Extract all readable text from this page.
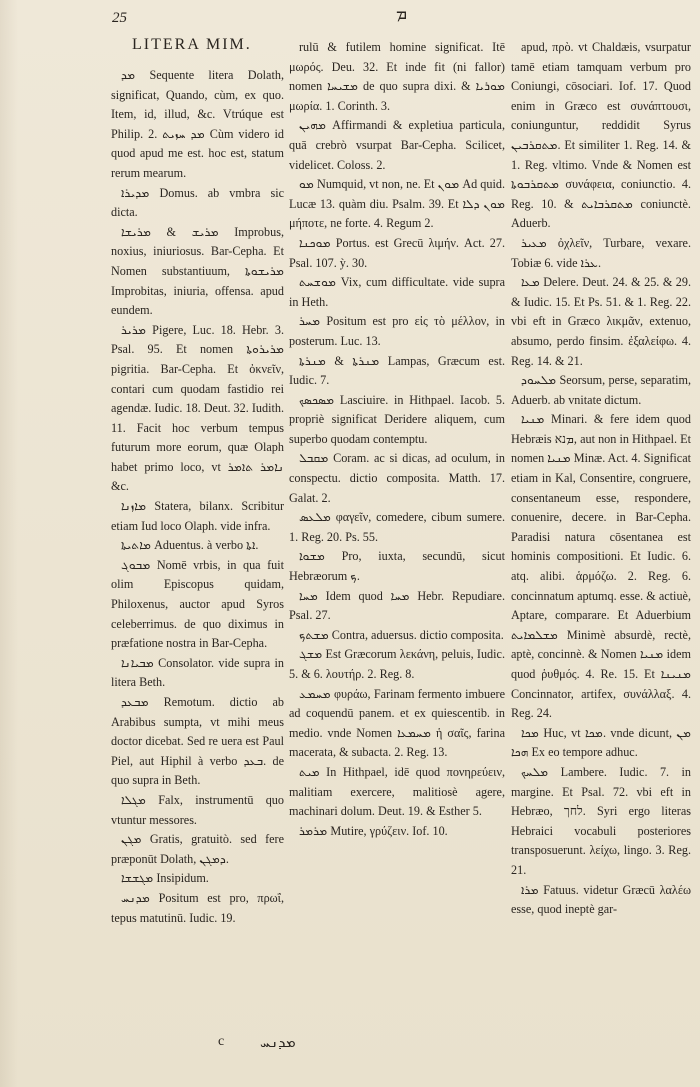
25
LITERA MIM.
ܡ

ܡܕ Sequente litera Dolath, significat, Quando, cùm, ex quo. Item, id, illud, &c. Vtrúque est Philip. 2. ܡܕ ܚܙܝܬ Cùm videro id quod apud me est. hoc est, statum rerum mearum.

ܡܕܝܪܐ Domus. ab vmbra sic dicta.

ܡܪܝܫ & ܡܪܝܫܐ Improbus, noxius, iniuriosus. Bar-Cepha. Et Nomen substantiuum, ܡܪܝܫܘܬܐ Improbitas, iniuria, offensa. apud eundem.

ܡܪܝܪ Pigere, Luc. 18. Hebr. 3. Psal. 95. Et nomen ܡܪܝܪܘܬܐ pigritia. Bar-Cepha. Et ὀκνεῖν, contari cum quodam fastidio rei agendæ. Iudic. 18. Deut. 32. Iudith. 11. Facit hoc verbum tempus futurum more eorum, quæ Olaph habet primo loco, vt ܢܐܡܪ ܬܐܡܪ &c.

ܡܐܙܢܐ Statera, bilanx. Scribitur etiam Iud loco Olaph. vide infra.

ܡܐܬܝܬܐ Aduentus. à verbo ܐܬܐ.

ܡܒܘܓ Nomē vrbis, in qua fuit olim Episcopus quidam, Philoxenus, auctor apud Syros celeberrimus. de quo diximus in præfatione nostra in Bar-Cepha.

ܡܒܝܐܢܐ Consolator. vide supra in litera Beth.

ܡܒܥܕ Remotum. dictio ab Arabibus sumpta, vt mihi meus doctor dicebat. Sed re uera est Paul Piel, aut Hiphil à verbo ܒܥܕ. de quo supra in Beth.

ܡܓܠܐ Falx, instrumentū quo vtuntur messores.

ܡܓܢ Gratis, gratuitò. sed fere præponūt Dolath, ܕܡܓܢ.

ܡܓܫܫܐ Insipidum.

ܡܕܢܚ Positum est pro, πρωΐ, tepus matutinū. Iudic. 19.

rulū & futilem homine significat. Itē μωρός. Deu. 32. Et inde fit (ni fallor) nomen ܡܫܝܚܐ de quo supra dixi. & ܡܘܪܝܐ μωρία. 1. Corinth. 3.

ܡܗܝܢ Affirmandi & expletiua particula, quā crebrò vsurpat Bar-Cepha. Scilicet, videlicet. Coloss. 2.

ܡܘ Numquid, vt non, ne. Et ܡܘܢ Ad quid. Lucæ 13. quàm diu. Psalm. 39. Et ܡܘܢ ܕܠܐ μήποτε, ne forte. 4. Regum 2.

ܡܘܟܢܐ Portus. est Grecū λιμήν. Act. 27. Psal. 107. ỳ. 30.

ܡܘܫܚܬ Vix, cum difficultate. vide supra in Heth.

ܡܚܪ Positum est pro εἰς τὸ μέλλον, in posterum. Luc. 13.

ܡܢܪܬܐ & ܡܢܪܬܐ Lampas, Græcum est. Iudic. 7.

ܡܣܟܣܟ Lasciuire. in Hithpael. Iacob. 5. propriè significat Deridere aliquem, cum superbo quodam contemptu.

ܡܩܒܠ Coram. ac si dicas, ad oculum, in conspectu. dictio composita. Matth. 17. Galat. 2.

ܡܠܥܣ φαγεῖν, comedere, cibum sumere. 1. Reg. 20. Ps. 55.

ܡܫܘܐ Pro, iuxta, secundū, sicut Hebræorum ܟ.

ܡܚܐ Idem quod ܡܚܐ Hebr. Repudiare. Psal. 27.

ܡܫܬܟ Contra, aduersus. dictio composita.

ܡܫܓ Est Græcorum λεκάνη, peluis, Iudic. 5. & 6. λουτήρ. 2. Reg. 8.

ܡܚܡܥ φυράω, Farinam fermento imbuere ad coquendū panem. et ex quiescentib. in medio. vnde Nomen ܡܚܡܥܐ ἡ σαῖς, farina macerata, & subacta. 2. Reg. 13.

ܡܝܬ In Hithpael, idē quod πονηρεύειν, malitiam exercere, malitiosè agere, machinari dolum. Deut. 19. & Esther 5.

ܡܪܡܪ Mutire, γρύζειν. Iof. 10.

apud, πρὸ. vt Chaldæis, vsurpatur tamē etiam tamquam verbum pro Coniungi, cōsociari. Iof. 17. Quod enim in Græco est συνάπτουσι, coniunguntur, reddidit Syrus ܡܬܩܪܒܝܢ. Et similiter 1. Reg. 14. & 1. Reg. vltimo. Vnde & Nomen est ܡܬܩܪܒܘܬܐ συνάφεια, coniunctio. 4. Reg. 10. & ܡܬܩܪܒܐܝܬ coniunctè. Aduerb.

ܡܥܝܪ ὀχλεῖν, Turbare, vexare. Tobiæ 6. vide ܥܪܐ.

ܡܥܐ Delere. Deut. 24. & 25. & 29. & Iudic. 15. Et Ps. 51. & 1. Reg. 22. vbi eft in Græco λικμᾶν, extenuo, absumo, perdo finsim. ἐξαλείφω. 4. Reg. 14. & 21.

ܡܠܚܘܕ Seorsum, perse, separatim, Aduerb. ab vnitate dictum.

ܡܢܝܐ Minari. & fere idem quod Hebræis ܡנא, aut non in Hithpael. Et nomen ܡܢܝܐ Minæ. Act. 4. Significat etiam in Kal, Consentire, congruere, consentaneum esse, respondere, conuenire, decere. in Bar-Cepha. Paradisi natura cōsentanea est hominis compositioni. Et Iudic. 6. atq. alibi. ἁρμόζω. 2. Reg. 6. concinnatum aptumq. esse. & actiuè, Aptare, comparare. Et Aduerbium ܡܫܠܡܐܝܬ Minimè absurdè, rectè, aptè, concinnè. & Nomen ܡܢܝܐ idem quod ῥυθμός. 4. Re. 15. Et ܡܢܝܢܐ Concinnator, artifex, συνάλλαξ. 4. Reg. 24.

ܡܟܐ Huc, vt ܡܟܐ. vnde dicunt, ܡܢ ܗܟܐ Ex eo tempore adhuc.

ܡܠܚܟ Lambere. Iudic. 7. in margine. Et Psal. 72. vbi eft in Hebræo, לחך. Syri ergo literas Hebraici vocabuli posteriores transposuerunt. λείχω, lingo. 3. Reg. 21.

ܡܪܐ Fatuus. videtur Græcū λαλέω esse, quod ineptè gar-

c ܡܕܢܚ
